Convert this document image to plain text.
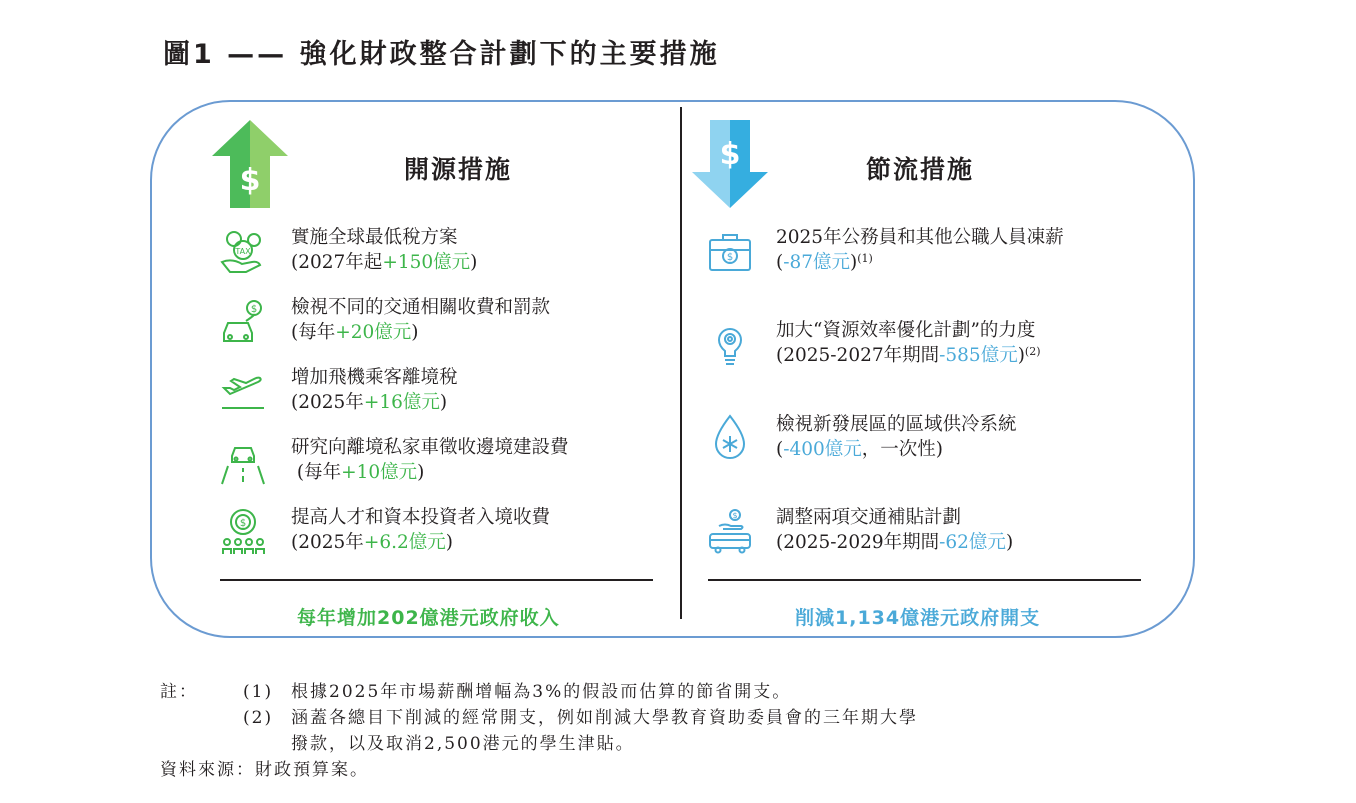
圖1 —— 強化財政整合計劃下的主要措施
$	開源措施	$	節流措施
TAX
實施全球最低稅方案
(2027年起+150億元)
$ 檢視不同的交通相關收費和罰款
(每年+20億元)
增加飛機乘客離境稅
(2025年+16億元)
研究向離境私家車徵收邊境建設費
(每年+10億元)
$ 提高人才和資本投資者入境收費
(2025年+6.2億元)
每年增加202億港元政府收入
$
2025年公務員和其他公職人員凍薪
(-87億元)$^{(1)}$
加大“資源效率優化計劃”的力度
(2025-2027年期間-585億元)$^{(2)}$
檢視新發展區的區域供冷系統
(-400億元，一次性)
$ 調整兩項交通補貼計劃
(2025-2029年期間-62億元)
削減1,134億港元政府開支
註：	(1) 根據2025年市場薪酬增幅為3%的假設而估算的節省開支。
(2) 涵蓋各總目下削減的經常開支，例如削減大學教育資助委員會的三年期大學
撥款，以及取消2,500港元的學生津貼。
資料來源：財政預算案。
